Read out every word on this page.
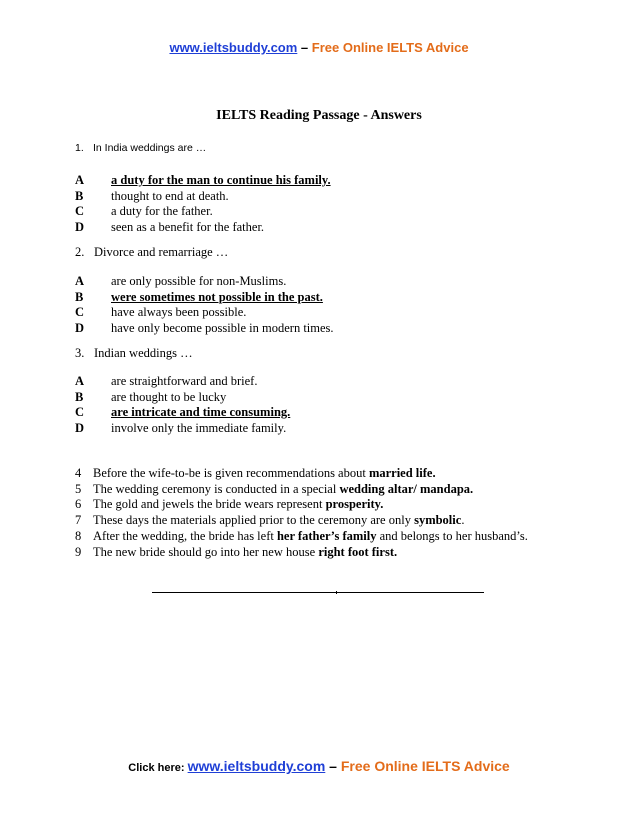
www.ieltsbuddy.com – Free Online IELTS Advice
IELTS Reading Passage - Answers
1. In India weddings are …
A a duty for the man to continue his family.
B thought to end at death.
C a duty for the father.
D seen as a benefit for the father.
2. Divorce and remarriage …
A are only possible for non-Muslims.
B were sometimes not possible in the past.
C have always been possible.
D have only become possible in modern times.
3. Indian weddings …
A are straightforward and brief.
B are thought to be lucky
C are intricate and time consuming.
D involve only the immediate family.
4 Before the wife-to-be is given recommendations about married life.
5 The wedding ceremony is conducted in a special wedding altar/ mandapa.
6 The gold and jewels the bride wears represent prosperity.
7 These days the materials applied prior to the ceremony are only symbolic.
8 After the wedding, the bride has left her father’s family and belongs to her husband’s.
9 The new bride should go into her new house right foot first.
Click here: www.ieltsbuddy.com – Free Online IELTS Advice
